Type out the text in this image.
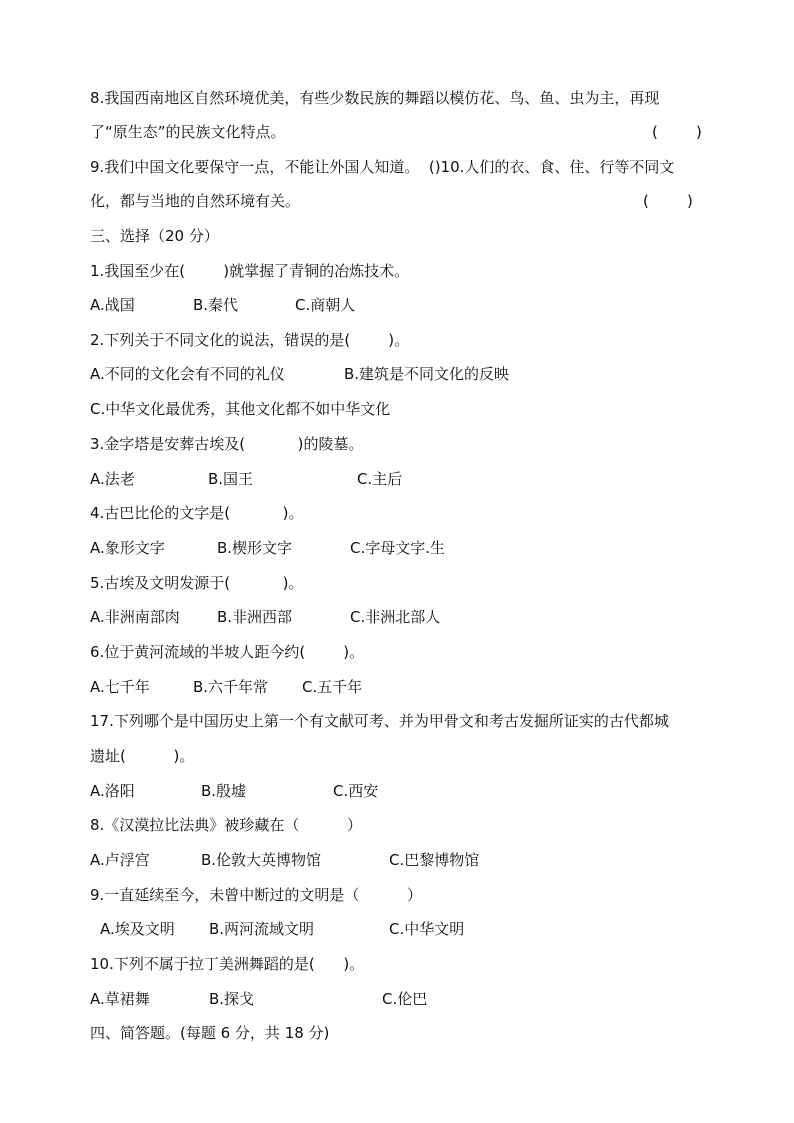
8.我国西南地区自然环境优美，有些少数民族的舞蹈以模仿花、鸟、鱼、虫为主，再现
了“原生态”的民族文化特点。	(        )
9.我们中国文化要保守一点，不能让外国人知道。  ()10.人们的衣、食、住、行等不同文
化，都与当地的自然环境有关。	(        )
三、选择（20 分）
1.我国至少在(        )就掌握了青铜的冶炼技术。
A.战国	B.秦代	C.商朝人
2.下列关于不同文化的说法，错误的是(        )。
A.不同的文化会有不同的礼仪	B.建筑是不同文化的反映
C.中华文化最优秀，其他文化都不如中华文化
3.金字塔是安葬古埃及(           )的陵墓。
A.法老	B.国王	C.主后
4.古巴比伦的文字是(           )。
A.象形文字	B.楔形文字	C.字母文字.生
5.古埃及文明发源于(           )。
A.非洲南部肉 B.非洲西部	C.非洲北部人
6.位于黄河流域的半坡人距今约(        )。
A.七千年	B.六千年常 C.五千年
17.下列哪个是中国历史上第一个有文献可考、并为甲骨文和考古发掘所证实的古代都城
遗址(          )。
A.洛阳	B.殷墟	C.西安
8.《汉漠拉比法典》被珍藏在（          ）
A.卢浮宫	B.伦敦大英博物馆	C.巴黎博物馆
9.一直延续至今，未曾中断过的文明是（          ）
A.埃及文明 B.两河流域文明	C.中华文明
10.下列不属于拉丁美洲舞蹈的是(      )。
A.草裙舞	B.探戈	C.伦巴
四、简答题。(每题 6 分，共 18 分)
